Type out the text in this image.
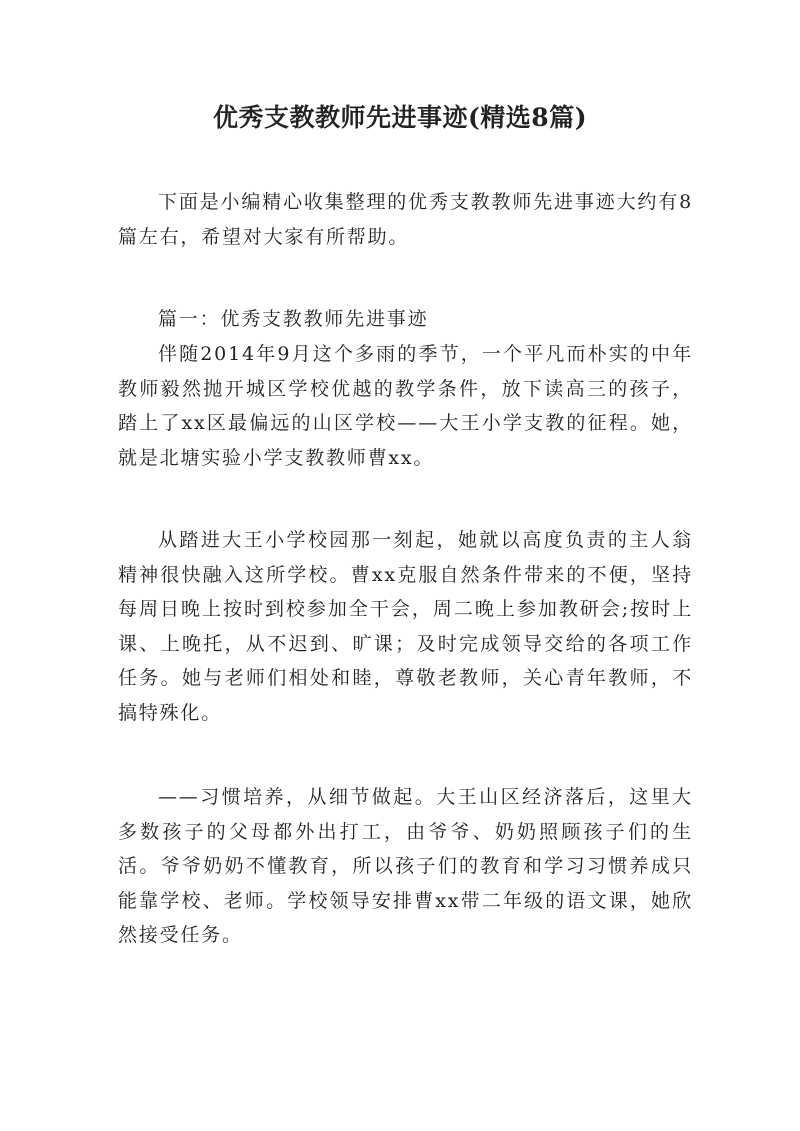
优秀支教教师先进事迹(精选8篇)

下面是小编精心收集整理的优秀支教教师先进事迹大约有8篇左右，希望对大家有所帮助。

篇一：优秀支教教师先进事迹

伴随2014年9月这个多雨的季节，一个平凡而朴实的中年教师毅然抛开城区学校优越的教学条件，放下读高三的孩子，踏上了xx区最偏远的山区学校——大王小学支教的征程。她，就是北塘实验小学支教教师曹xx。

从踏进大王小学校园那一刻起，她就以高度负责的主人翁精神很快融入这所学校。曹xx克服自然条件带来的不便，坚持每周日晚上按时到校参加全干会，周二晚上参加教研会;按时上课、上晚托，从不迟到、旷课；及时完成领导交给的各项工作任务。她与老师们相处和睦，尊敬老教师，关心青年教师，不搞特殊化。

——习惯培养，从细节做起。大王山区经济落后，这里大多数孩子的父母都外出打工，由爷爷、奶奶照顾孩子们的生活。爷爷奶奶不懂教育，所以孩子们的教育和学习习惯养成只能靠学校、老师。学校领导安排曹xx带二年级的语文课，她欣然接受任务。
